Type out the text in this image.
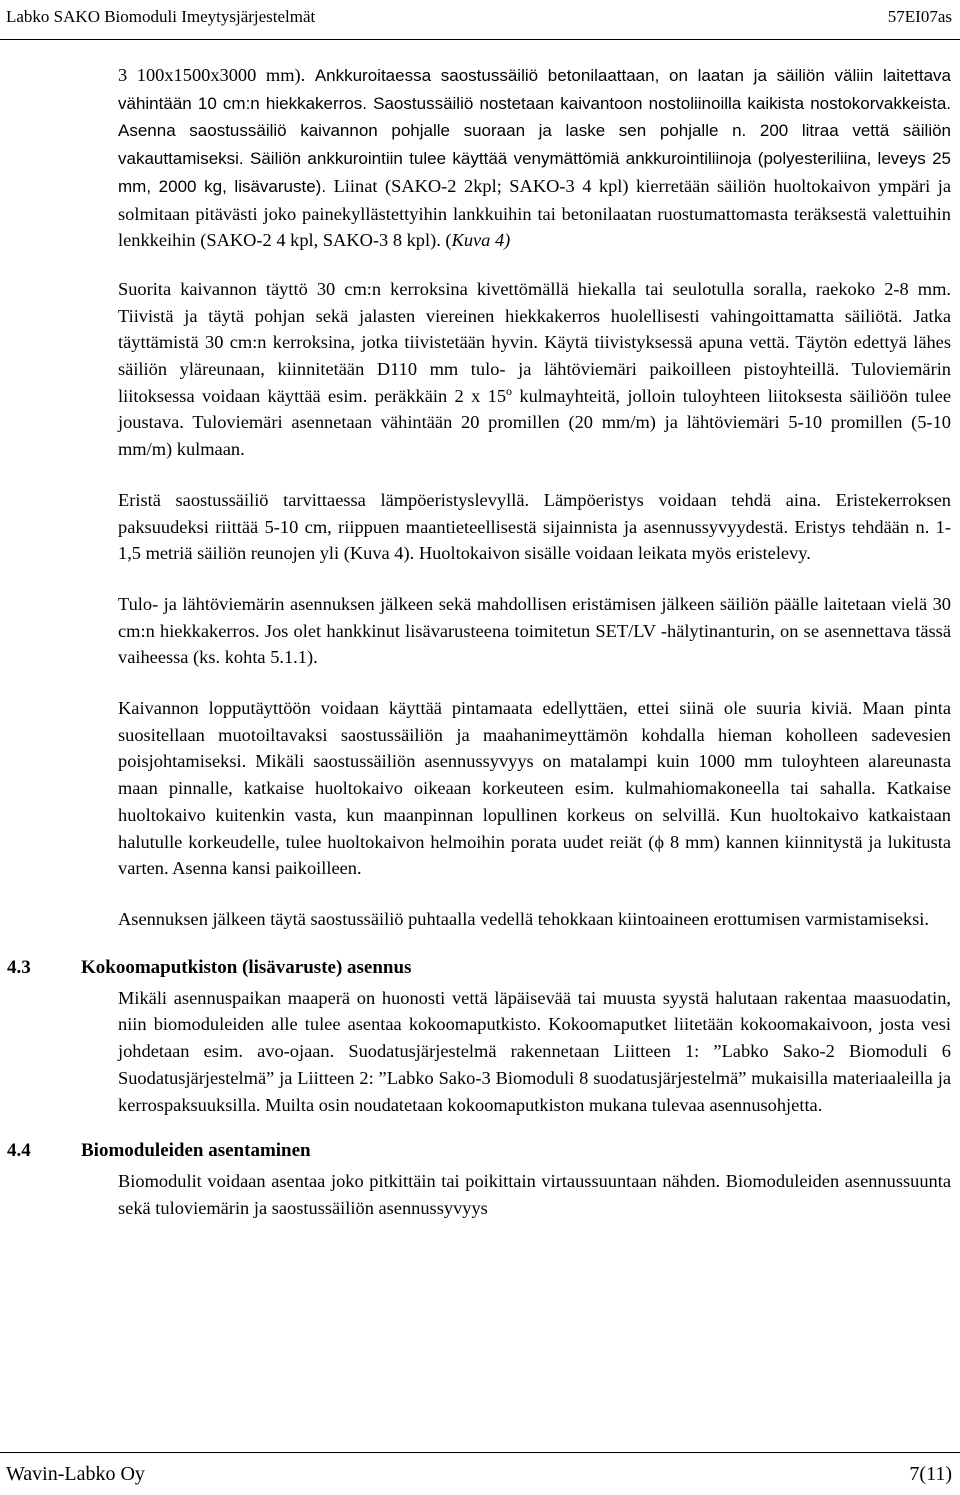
Labko SAKO Biomoduli Imeytysjärjestelmät	57EI07as

3 100x1500x3000 mm). Ankkuroitaessa saostussäiliö betonilaattaan, on laatan ja säiliön väliin laitettava vähintään 10 cm:n hiekkakerros. Saostussäiliö nostetaan kaivantoon nostoliinoilla kaikista nostokorvakkeista. Asenna saostussäiliö kaivannon pohjalle suoraan ja laske sen pohjalle n. 200 litraa vettä säiliön vakauttamiseksi. Säiliön ankkurointiin tulee käyttää venymättömiä ankkurointiliinoja (polyesteriliina, leveys 25 mm, 2000 kg, lisävaruste). Liinat (SAKO-2 2kpl; SAKO-3 4 kpl) kierretään säiliön huoltokaivon ympäri ja solmitaan pitävästi joko painekyllästettyihin lankkuihin tai betonilaatan ruostumattomasta teräksestä valettuihin lenkkeihin (SAKO-2 4 kpl, SAKO-3 8 kpl). (Kuva 4)

Suorita kaivannon täyttö 30 cm:n kerroksina kivettömällä hiekalla tai seulotulla soralla, raekoko 2-8 mm. Tiivistä ja täytä pohjan sekä jalasten viereinen hiekkakerros huolellisesti vahingoittamatta säiliötä. Jatka täyttämistä 30 cm:n kerroksina, jotka tiivistetään hyvin. Käytä tiivistyksessä apuna vettä. Täytön edettyä lähes säiliön yläreunaan, kiinnitetään D110 mm tulo- ja lähtöviemäri paikoilleen pistoyhteillä. Tuloviemärin liitoksessa voidaan käyttää esim. peräkkäin 2 x 15$^o$ kulmayhteitä, jolloin tuloyhteen liitoksesta säiliöön tulee joustava. Tuloviemäri asennetaan vähintään 20 promillen (20 mm/m) ja lähtöviemäri 5-10 promillen (5-10 mm/m) kulmaan.

Eristä saostussäiliö tarvittaessa lämpöeristyslevyllä. Lämpöeristys voidaan tehdä aina. Eristekerroksen paksuudeksi riittää 5-10 cm, riippuen maantieteellisestä sijainnista ja asennussyvyydestä. Eristys tehdään n. 1-1,5 metriä säiliön reunojen yli (Kuva 4). Huoltokaivon sisälle voidaan leikata myös eristelevy.

Tulo- ja lähtöviemärin asennuksen jälkeen sekä mahdollisen eristämisen jälkeen säiliön päälle laitetaan vielä 30 cm:n hiekkakerros. Jos olet hankkinut lisävarusteena toimitetun SET/LV -hälytinanturin, on se asennettava tässä vaiheessa (ks. kohta 5.1.1).

Kaivannon lopputäyttöön voidaan käyttää pintamaata edellyttäen, ettei siinä ole suuria kiviä. Maan pinta suositellaan muotoiltavaksi saostussäiliön ja maahanimeyttämön kohdalla hieman koholleen sadevesien poisjohtamiseksi. Mikäli saostussäiliön asennussyvyys on matalampi kuin 1000 mm tuloyhteen alareunasta maan pinnalle, katkaise huoltokaivo oikeaan korkeuteen esim. kulmahiomakoneella tai sahalla. Katkaise huoltokaivo kuitenkin vasta, kun maanpinnan lopullinen korkeus on selvillä. Kun huoltokaivo katkaistaan halutulle korkeudelle, tulee huoltokaivon helmoihin porata uudet reiät (ϕ 8 mm) kannen kiinnitystä ja lukitusta varten. Asenna kansi paikoilleen.

Asennuksen jälkeen täytä saostussäiliö puhtaalla vedellä tehokkaan kiintoaineen erottumisen varmistamiseksi.

4.3	Kokoomaputkiston (lisävaruste) asennus

Mikäli asennuspaikan maaperä on huonosti vettä läpäisevää tai muusta syystä halutaan rakentaa maasuodatin, niin biomoduleiden alle tulee asentaa kokoomaputkisto. Kokoomaputket liitetään kokoomakaivoon, josta vesi johdetaan esim. avo-ojaan. Suodatusjärjestelmä rakennetaan Liitteen 1: ”Labko Sako-2 Biomoduli 6 Suodatusjärjestelmä” ja Liitteen 2: ”Labko Sako-3 Biomoduli 8 suodatusjärjestelmä” mukaisilla materiaaleilla ja kerrospaksuuksilla. Muilta osin noudatetaan kokoomaputkiston mukana tulevaa asennusohjetta.

4.4	Biomoduleiden asentaminen

Biomodulit voidaan asentaa joko pitkittäin tai poikittain virtaussuuntaan nähden. Biomoduleiden asennussuunta sekä tuloviemärin ja saostussäiliön asennussyvyys

Wavin-Labko Oy	7(11)
